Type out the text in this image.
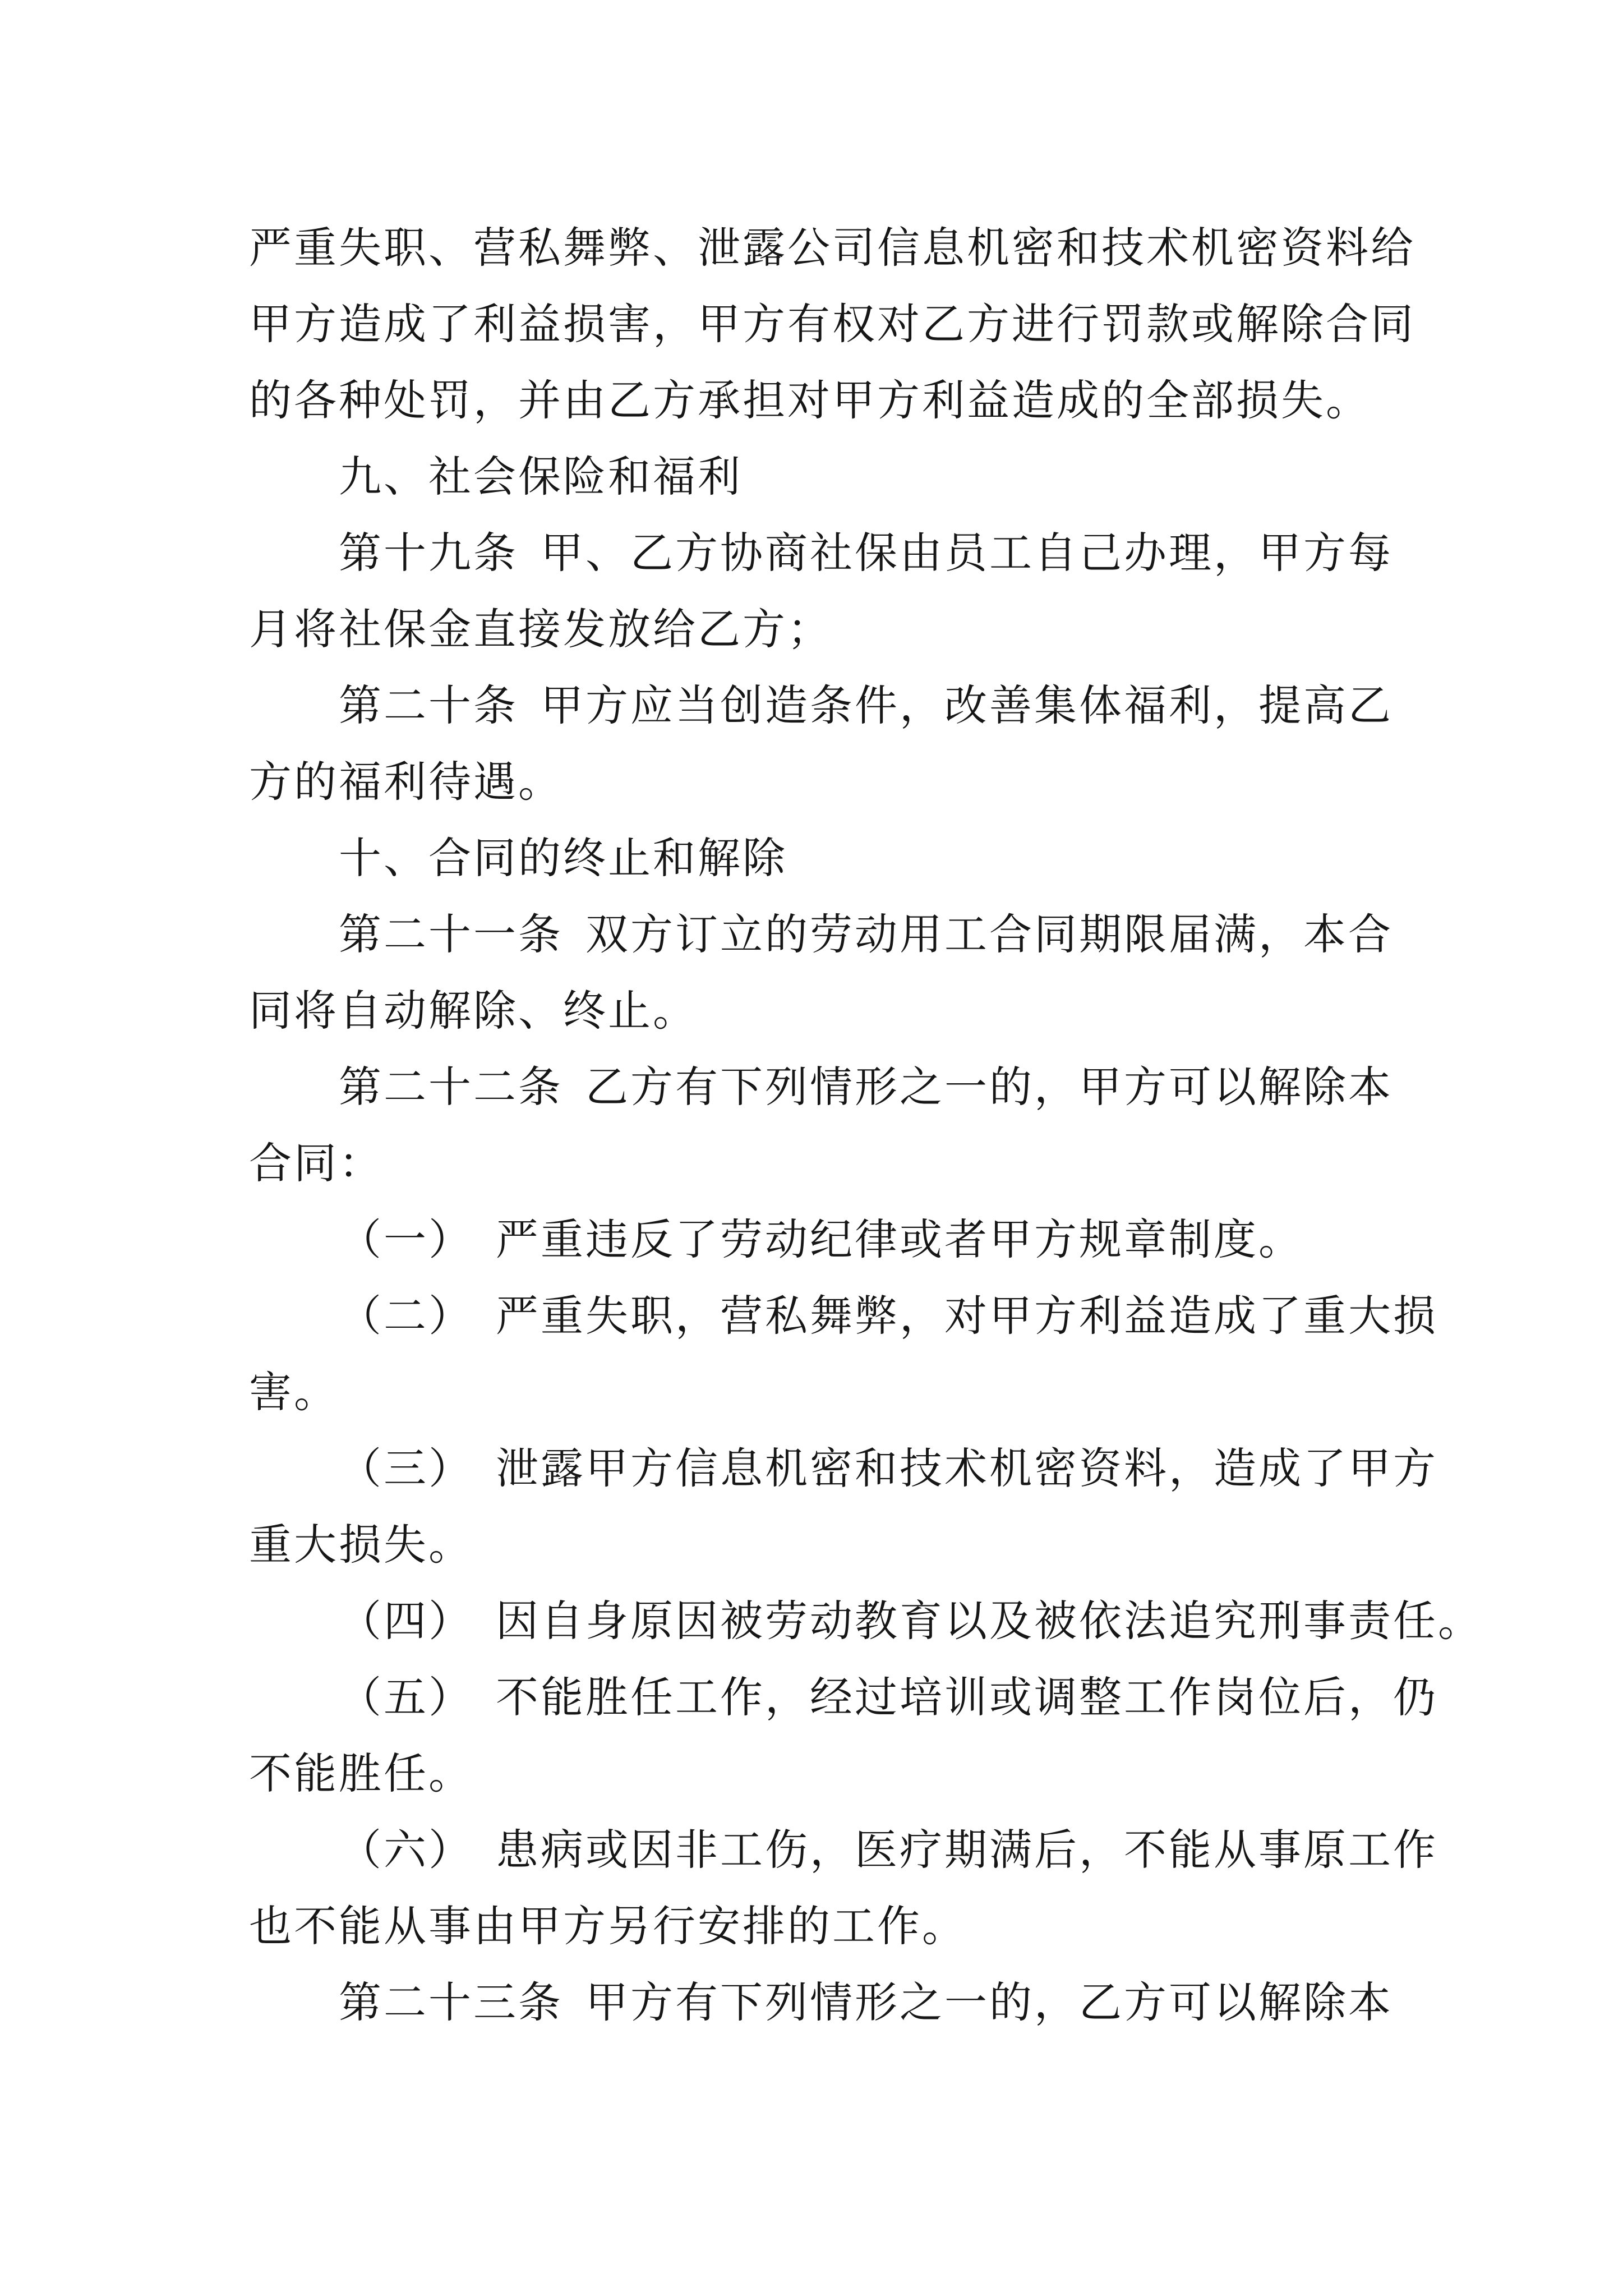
严重失职、营私舞弊、泄露公司信息机密和技术机密资料给
甲方造成了利益损害，甲方有权对乙方进行罚款或解除合同
的各种处罚，并由乙方承担对甲方利益造成的全部损失。
九、社会保险和福利
第十九条 甲、乙方协商社保由员工自己办理，甲方每
月将社保金直接发放给乙方；
第二十条 甲方应当创造条件，改善集体福利，提高乙
方的福利待遇。
十、合同的终止和解除
第二十一条 双方订立的劳动用工合同期限届满，本合
同将自动解除、终止。
第二十二条 乙方有下列情形之一的，甲方可以解除本
合同：
（一） 严重违反了劳动纪律或者甲方规章制度。
（二） 严重失职，营私舞弊，对甲方利益造成了重大损
害。
（三） 泄露甲方信息机密和技术机密资料，造成了甲方
重大损失。
（四） 因自身原因被劳动教育以及被依法追究刑事责任。
（五） 不能胜任工作，经过培训或调整工作岗位后，仍
不能胜任。
（六） 患病或因非工伤，医疗期满后，不能从事原工作
也不能从事由甲方另行安排的工作。
第二十三条 甲方有下列情形之一的，乙方可以解除本
